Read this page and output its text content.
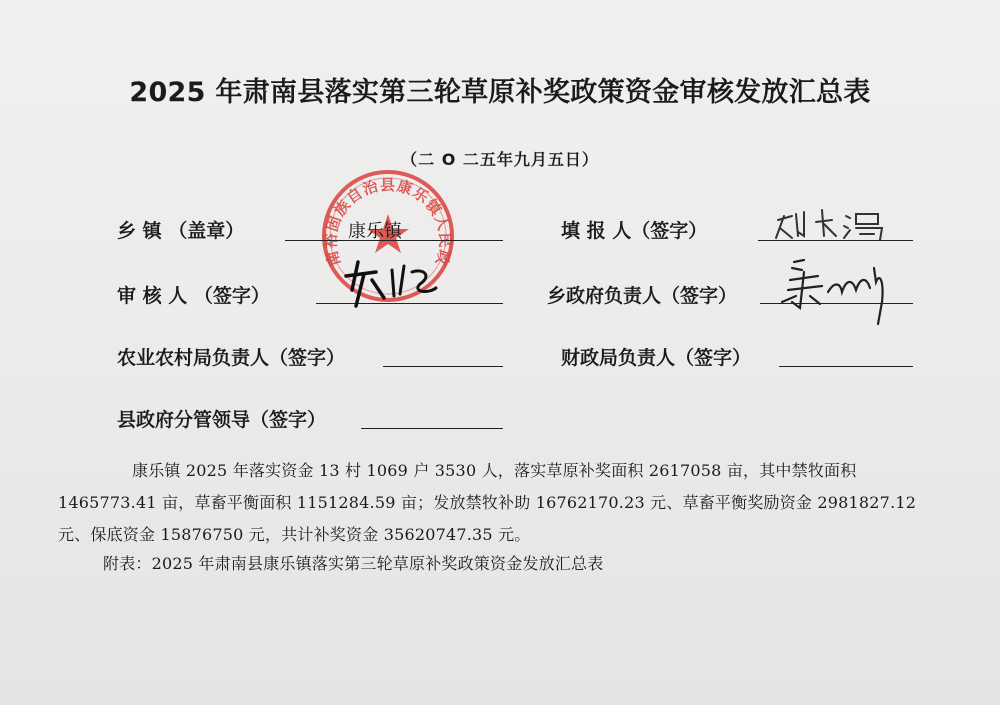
2025 年肃南县落实第三轮草原补奖政策资金审核发放汇总表
（二 O 二五年九月五日）
肃南裕固族自治县康乐镇人民政府
乡 镇 （盖章）	康乐镇	填 报 人（签字）
审 核 人 （签字）	乡政府负责人（签字）
农业农村局负责人（签字）	财政局负责人（签字）
县政府分管领导（签字）
康乐镇 2025 年落实资金 13 村 1069 户 3530 人，落实草原补奖面积 2617058 亩，其中禁牧面积 1465773.41 亩，草畜平衡面积 1151284.59 亩；发放禁牧补助 16762170.23 元、草畜平衡奖励资金 2981827.12 元、保底资金 15876750 元，共计补奖资金 35620747.35 元。
附表：2025 年肃南县康乐镇落实第三轮草原补奖政策资金发放汇总表
